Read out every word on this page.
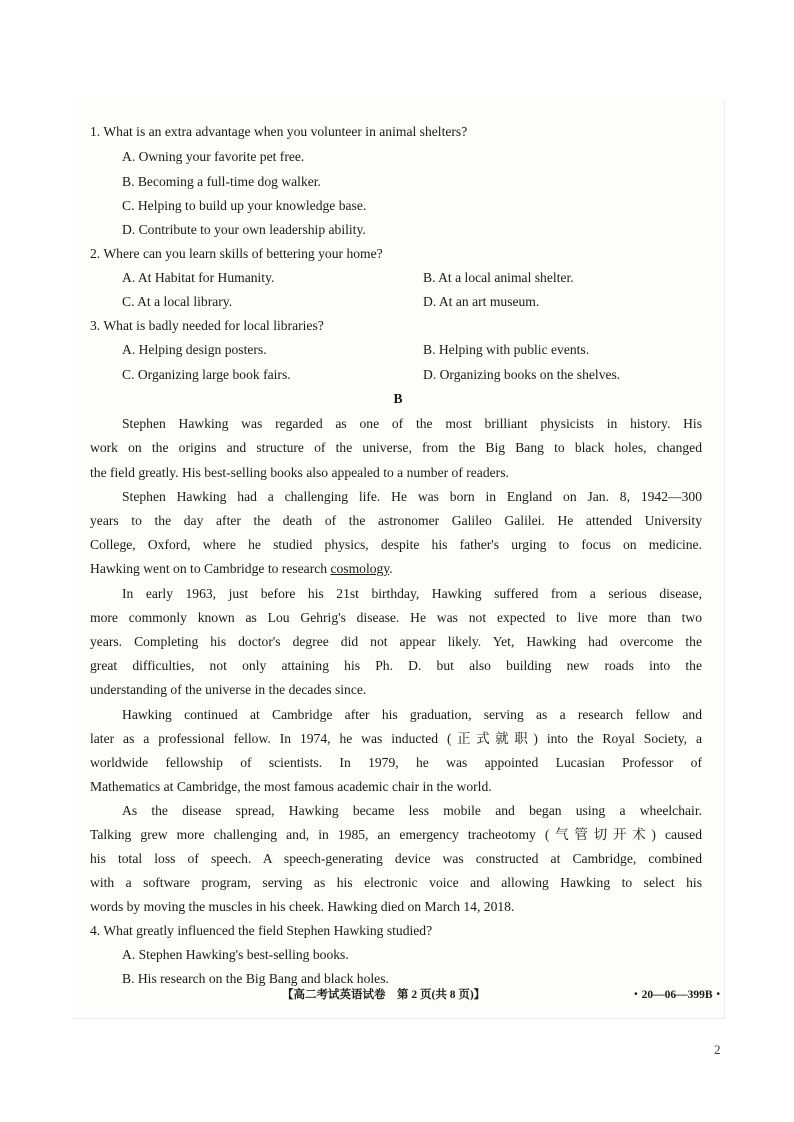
1. What is an extra advantage when you volunteer in animal shelters?
A. Owning your favorite pet free.
B. Becoming a full-time dog walker.
C. Helping to build up your knowledge base.
D. Contribute to your own leadership ability.
2. Where can you learn skills of bettering your home?
A. At Habitat for Humanity.	B. At a local animal shelter.
C. At a local library.	D. At an art museum.
3. What is badly needed for local libraries?
A. Helping design posters.	B. Helping with public events.
C. Organizing large book fairs.	D. Organizing books on the shelves.
B
Stephen Hawking was regarded as one of the most brilliant physicists in history. His
work on the origins and structure of the universe, from the Big Bang to black holes, changed
the field greatly. His best-selling books also appealed to a number of readers.
Stephen Hawking had a challenging life. He was born in England on Jan. 8, 1942—300
years to the day after the death of the astronomer Galileo Galilei. He attended University
College, Oxford, where he studied physics, despite his father's urging to focus on medicine.
Hawking went on to Cambridge to research cosmology.
In early 1963, just before his 21st birthday, Hawking suffered from a serious disease,
more commonly known as Lou Gehrig's disease. He was not expected to live more than two
years. Completing his doctor's degree did not appear likely. Yet, Hawking had overcome the
great difficulties, not only attaining his Ph. D. but also building new roads into the
understanding of the universe in the decades since.
Hawking continued at Cambridge after his graduation, serving as a research fellow and
later as a professional fellow. In 1974, he was inducted (正式就职) into the Royal Society, a
worldwide fellowship of scientists. In 1979, he was appointed Lucasian Professor of
Mathematics at Cambridge, the most famous academic chair in the world.
As the disease spread, Hawking became less mobile and began using a wheelchair.
Talking grew more challenging and, in 1985, an emergency tracheotomy (气管切开术) caused
his total loss of speech. A speech-generating device was constructed at Cambridge, combined
with a software program, serving as his electronic voice and allowing Hawking to select his
words by moving the muscles in his cheek. Hawking died on March 14, 2018.
4. What greatly influenced the field Stephen Hawking studied?
A. Stephen Hawking's best-selling books.
B. His research on the Big Bang and black holes.
【高二考试英语试卷　第 2 页(共 8 页)】	・20—06—399B・
2
